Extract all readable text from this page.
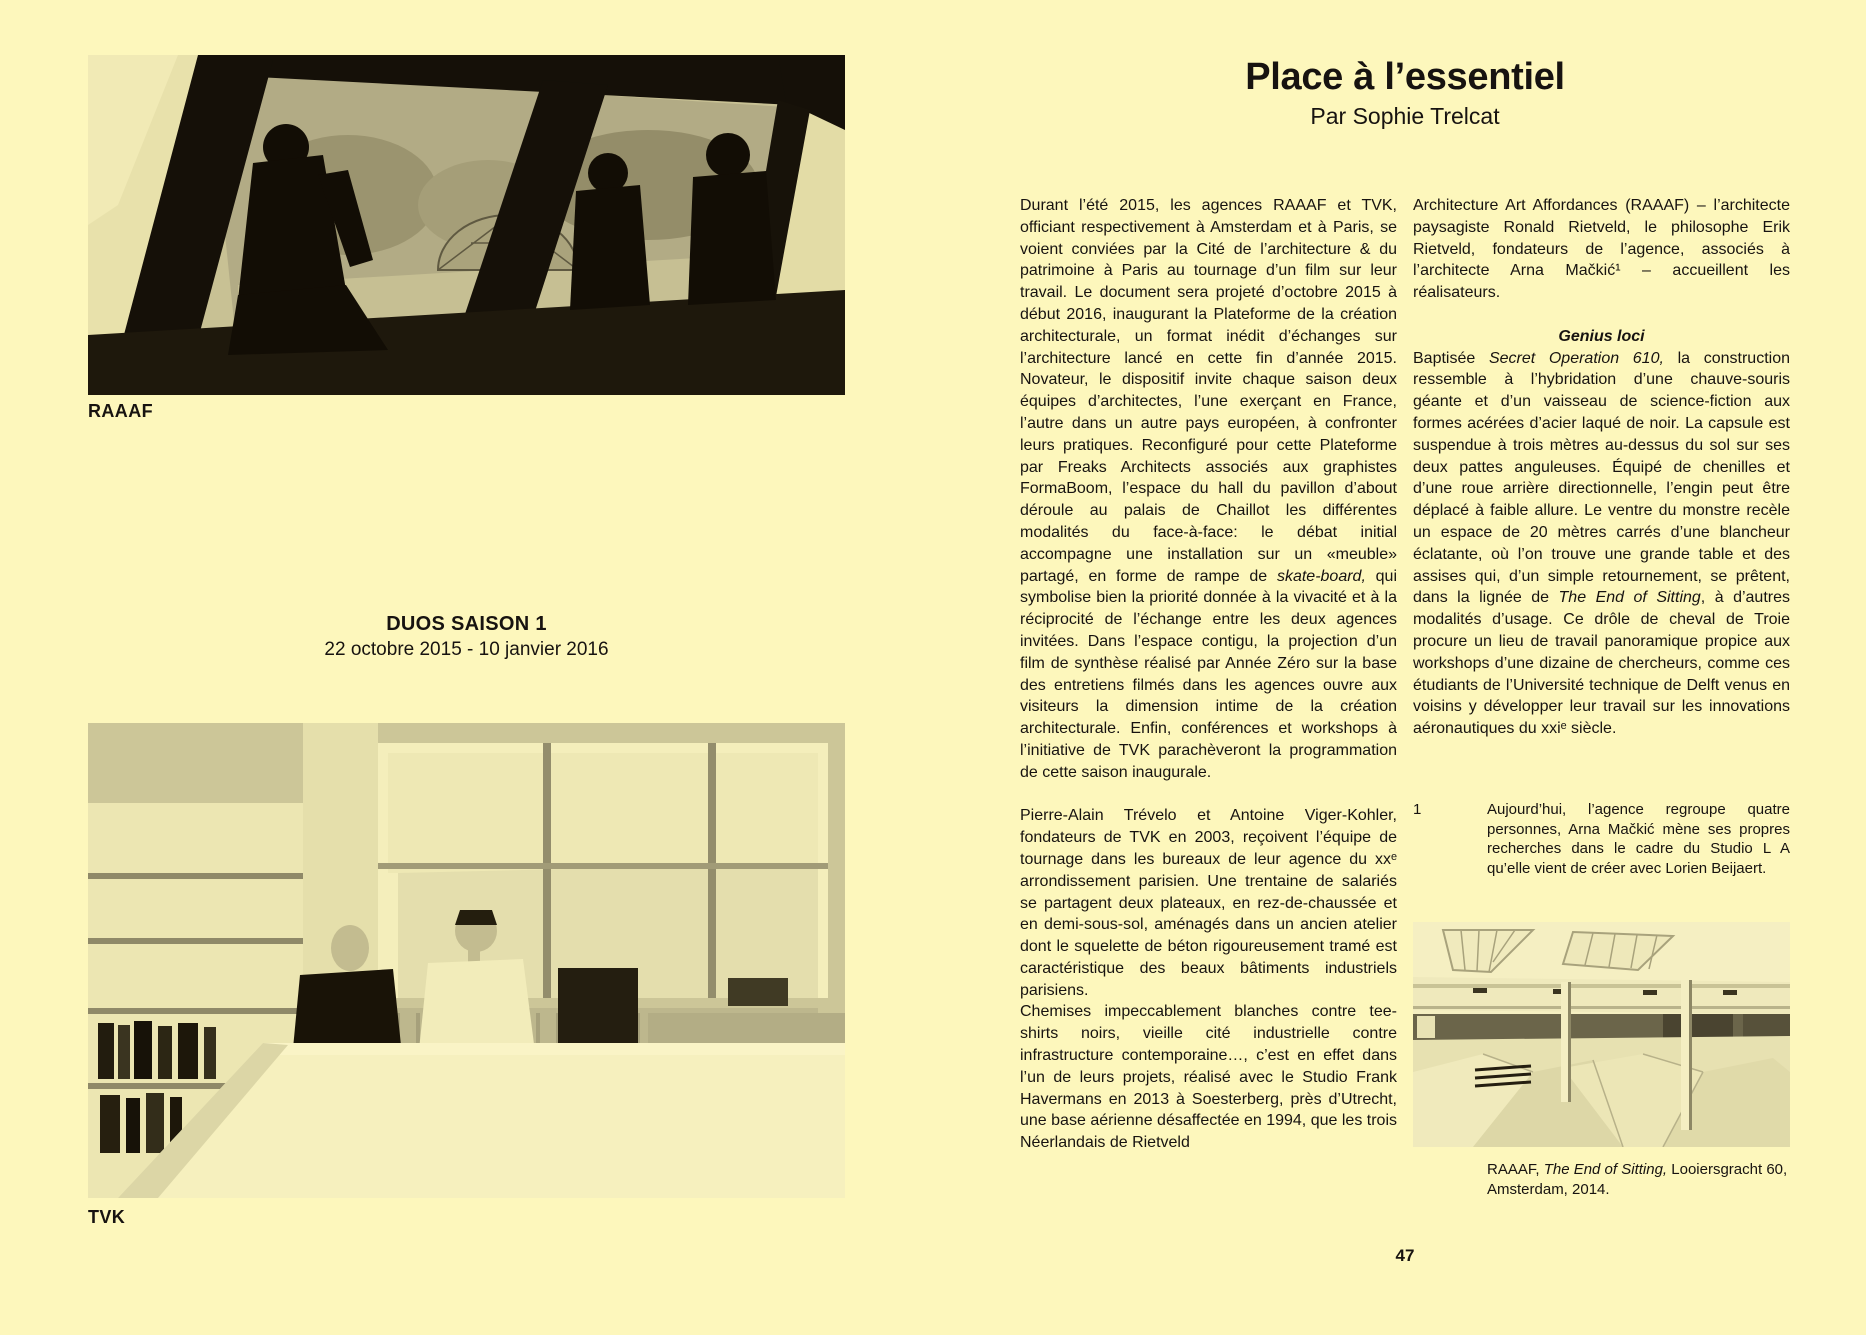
RAAAF
DUOS SAISON 1
22 octobre 2015 - 10 janvier 2016
TVK
Place à l’essentiel
Par Sophie Trelcat

Durant l’été 2015, les agences RAAAF et TVK, officiant respectivement à Amsterdam et à Paris, se voient conviées par la Cité de l’architecture & du patrimoine à Paris au tournage d’un film sur leur travail. Le document sera projeté d’octobre 2015 à début 2016, inaugurant la Plateforme de la création architecturale, un format inédit d’échanges sur l’architecture lancé en cette fin d’année 2015. Novateur, le dispositif invite chaque saison deux équipes d’architectes, l’une exerçant en France, l’autre dans un autre pays européen, à confronter leurs pratiques. Reconfiguré pour cette Plateforme par Freaks Architects associés aux graphistes FormaBoom, l’espace du hall du pavillon d’about déroule au palais de Chaillot les différentes modalités du face-à-face: le débat initial accompagne une installation sur un «meuble» partagé, en forme de rampe de skate-board, qui symbolise bien la priorité donnée à la vivacité et à la réciprocité de l’échange entre les deux agences invitées. Dans l’espace contigu, la projection d’un film de synthèse réalisé par Année Zéro sur la base des entretiens filmés dans les agences ouvre aux visiteurs la dimension intime de la création architecturale. Enfin, conférences et workshops à l’initiative de TVK parachèveront la programmation de cette saison inaugurale.

Pierre-Alain Trévelo et Antoine Viger-Kohler, fondateurs de TVK en 2003, reçoivent l’équipe de tournage dans les bureaux de leur agence du xxᵉ arrondissement parisien. Une trentaine de salariés se partagent deux plateaux, en rez-de-chaussée et en demi-sous-sol, aménagés dans un ancien atelier dont le squelette de béton rigoureusement tramé est caractéristique des beaux bâtiments industriels parisiens.

Chemises impeccablement blanches contre tee-shirts noirs, vieille cité industrielle contre infrastructure contemporaine…, c’est en effet dans l’un de leurs projets, réalisé avec le Studio Frank Havermans en 2013 à Soesterberg, près d’Utrecht, une base aérienne désaffectée en 1994, que les trois Néerlandais de Rietveld

Architecture Art Affordances (RAAAF) – l’architecte paysagiste Ronald Rietveld, le philosophe Erik Rietveld, fondateurs de l’agence, associés à l’architecte Arna Mačkić¹ – accueillent les réalisateurs.

Genius loci

Baptisée Secret Operation 610, la construction ressemble à l’hybridation d’une chauve-souris géante et d’un vaisseau de science-fiction aux formes acérées d’acier laqué de noir. La capsule est suspendue à trois mètres au-dessus du sol sur ses deux pattes anguleuses. Équipé de chenilles et d’une roue arrière directionnelle, l’engin peut être déplacé à faible allure. Le ventre du monstre recèle un espace de 20 mètres carrés d’une blancheur éclatante, où l’on trouve une grande table et des assises qui, d’un simple retournement, se prêtent, dans la lignée de The End of Sitting, à d’autres modalités d’usage. Ce drôle de cheval de Troie procure un lieu de travail panoramique propice aux workshops d’une dizaine de chercheurs, comme ces étudiants de l’Université technique de Delft venus en voisins y développer leur travail sur les innovations aéronautiques du xxiᵉ siècle.

1	Aujourd’hui, l’agence regroupe quatre personnes, Arna Mačkić mène ses propres recherches dans le cadre du Studio L A qu’elle vient de créer avec Lorien Beijaert.
RAAAF, The End of Sitting, Looiersgracht 60, Amsterdam, 2014.
47
